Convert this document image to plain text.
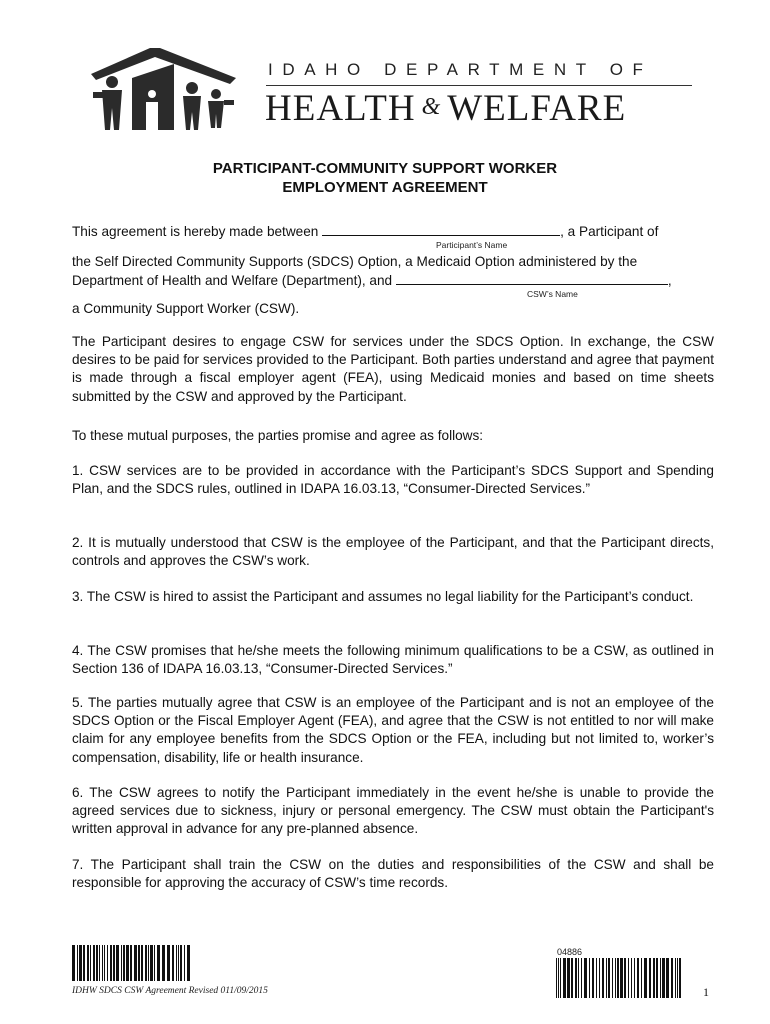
IDAHO DEPARTMENT OF
HEALTH & WELFARE
PARTICIPANT-COMMUNITY SUPPORT WORKER
EMPLOYMENT AGREEMENT
This agreement is hereby made between	, a Participant of
Participant’s Name
the Self Directed Community Supports (SDCS) Option, a Medicaid Option administered by the
Department of Health and Welfare (Department), and	,
CSW’s Name
a Community Support Worker (CSW).
The Participant desires to engage CSW for services under the SDCS Option. In exchange, the CSW desires to be paid for services provided to the Participant. Both parties understand and agree that payment is made through a fiscal employer agent (FEA), using Medicaid monies and based on time sheets submitted by the CSW and approved by the Participant.
To these mutual purposes, the parties promise and agree as follows:
1. CSW services are to be provided in accordance with the Participant’s SDCS Support and Spending Plan, and the SDCS rules, outlined in IDAPA 16.03.13, “Consumer-Directed Services.”
2. It is mutually understood that CSW is the employee of the Participant, and that the Participant directs, controls and approves the CSW’s work.
3. The CSW is hired to assist the Participant and assumes no legal liability for the Participant’s conduct.
4. The CSW promises that he/she meets the following minimum qualifications to be a CSW, as outlined in Section 136 of IDAPA 16.03.13, “Consumer-Directed Services.”
5. The parties mutually agree that CSW is an employee of the Participant and is not an employee of the SDCS Option or the Fiscal Employer Agent (FEA), and agree that the CSW is not entitled to nor will make claim for any employee benefits from the SDCS Option or the FEA, including but not limited to, worker’s compensation, disability, life or health insurance.
6. The CSW agrees to notify the Participant immediately in the event he/she is unable to provide the agreed services due to sickness, injury or personal emergency. The CSW must obtain the Participant's written approval in advance for any pre-planned absence.
7. The Participant shall train the CSW on the duties and responsibilities of the CSW and shall be responsible for approving the accuracy of CSW’s time records.
04886
IDHW SDCS CSW Agreement Revised 011/09/2015	1
